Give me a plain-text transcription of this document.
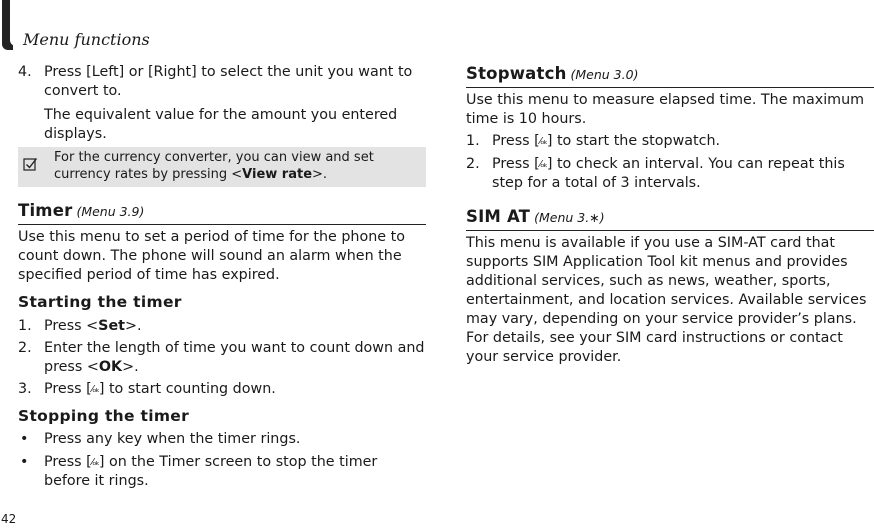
Menu functions
4. Press [Left] or [Right] to select the unit you want to convert to.
The equivalent value for the amount you entered displays.
For the currency converter, you can view and set currency rates by pressing <View rate>.
Timer (Menu 3.9)
Use this menu to set a period of time for the phone to count down. The phone will sound an alarm when the specified period of time has expired.
Starting the timer
1. Press <Set>.
2. Enter the length of time you want to count down and press <OK>.
3. Press [⁄ₒₖ] to start counting down.
Stopping the timer
• Press any key when the timer rings.
• Press [⁄ₒₖ] on the Timer screen to stop the timer before it rings.
Stopwatch (Menu 3.0)
Use this menu to measure elapsed time. The maximum time is 10 hours.
1. Press [⁄ₒₖ] to start the stopwatch.
2. Press [⁄ₒₖ] to check an interval. You can repeat this step for a total of 3 intervals.
SIM AT (Menu 3.∗)
This menu is available if you use a SIM-AT card that supports SIM Application Tool kit menus and provides additional services, such as news, weather, sports, entertainment, and location services. Available services may vary, depending on your service provider’s plans. For details, see your SIM card instructions or contact your service provider.
42
